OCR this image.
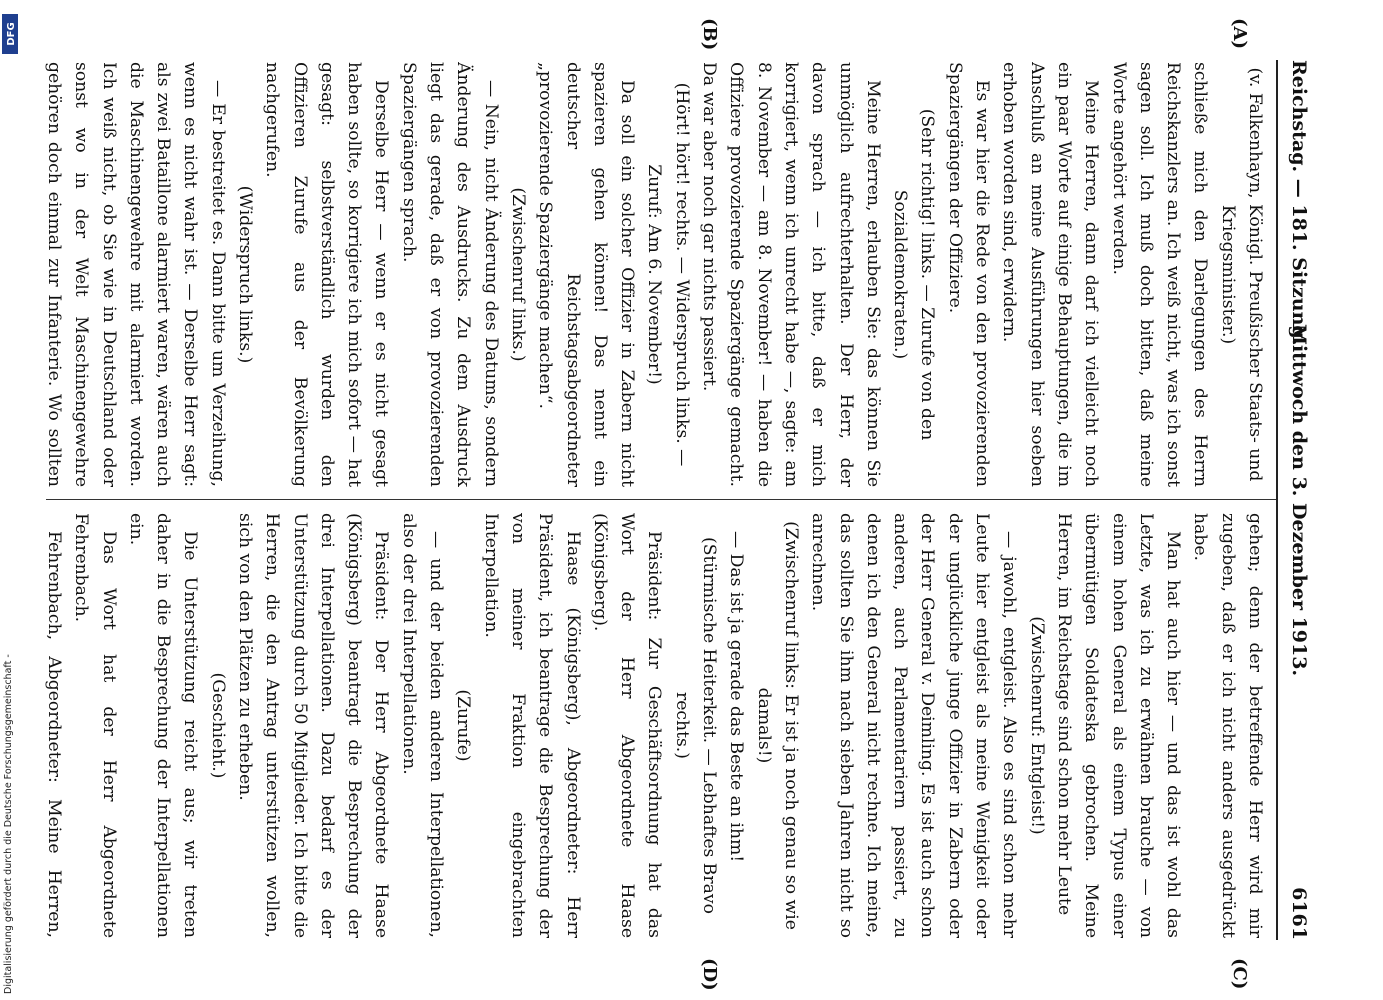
Reichstag. — 181. Sitzung.
Mittwoch den 3. Dezember 1913.
6161
(A)
(B)
(C)
(D)

(v. Falkenhayn, Königl. Preußischer Staats- und Kriegsminister.)

schließe mich den Darlegungen des Herrn Reichskanzlers an. Ich weiß nicht, was ich sonst sagen soll. Ich muß doch bitten, daß meine Worte angehört werden.

Meine Herren, dann darf ich vielleicht noch ein paar Worte auf einige Behauptungen, die im Anschluß an meine Ausführungen hier soeben erhoben worden sind, erwidern.

Es war hier die Rede von den provozierenden Spaziergängen der Offiziere.

(Sehr richtig! links. — Zurufe von den Sozialdemokraten.)

Meine Herren, erlauben Sie: das können Sie unmöglich aufrechterhalten. Der Herr, der davon sprach — ich bitte, daß er mich korrigiert, wenn ich unrecht habe —, sagte: am 8. November — am 8. November! — haben die Offiziere provozierende Spaziergänge gemacht. Da war aber noch gar nichts passiert.

(Hört! hört! rechts. — Widerspruch links. — Zuruf: Am 6. November!)

Da soll ein solcher Offizier in Zabern nicht spazieren gehen können! Das nennt ein deutscher Reichstagsabgeordneter „provozierende Spaziergänge machen“.

(Zwischenruf links.)

— Nein, nicht Änderung des Datums, sondern Änderung des Ausdrucks. Zu dem Ausdruck liegt das gerade, daß er von provozierenden Spaziergängen sprach.

Derselbe Herr — wenn er es nicht gesagt haben sollte, so korrigiere ich mich sofort — hat gesagt: selbstverständlich wurden den Offizieren Zurufe aus der Bevölkerung nachgerufen.

(Widerspruch links.)

— Er bestreitet es. Dann bitte um Verzeihung, wenn es nicht wahr ist. — Derselbe Herr sagt: als zwei Bataillone alarmiert waren, wären auch die Maschinengewehre mit alarmiert worden. Ich weiß nicht, ob Sie wie in Deutschland oder sonst wo in der Welt Maschinengewehre gehören doch einmal zur Infanterie. Wo sollten

gehen; denn der betreffende Herr wird mir zugeben, daß er ich nicht anders ausgedrückt habe.

Man hat auch hier — und das ist wohl das Letzte, was ich zu erwähnen brauche — von einem hohen General als einem Typus einer übermütigen Soldateska gebrochen. Meine Herren, im Reichstage sind schon mehr Leute

(Zwischenruf: Entgleist!)

— jawohl, entgleist. Also es sind schon mehr Leute hier entgleist als meine Wenigkeit oder der unglückliche junge Offizier in Zabern oder der Herr General v. Deimling. Es ist auch schon anderen, auch Parlamentariern passiert, zu denen ich den General nicht rechne. Ich meine, das sollten Sie ihm nach sieben Jahren nicht so anrechnen.

(Zwischenruf links: Er ist ja noch genau so wie damals!)

— Das ist ja gerade das Beste an ihm!

(Stürmische Heiterkeit. — Lebhaftes Bravo rechts.)

Präsident: Zur Geschäftsordnung hat das Wort der Herr Abgeordnete Haase (Königsberg).

Haase (Königsberg), Abgeordneter: Herr Präsident, ich beantrage die Besprechung der von meiner Fraktion eingebrachten Interpellation.

(Zurufe)

— und der beiden anderen Interpellationen, also der drei Interpellationen.

Präsident: Der Herr Abgeordnete Haase (Königsberg) beantragt die Besprechung der drei Interpellationen. Dazu bedarf es der Unterstützung durch 50 Mitglieder. Ich bitte die Herren, die den Antrag unterstützen wollen, sich von den Plätzen zu erheben.

(Geschieht.)

Die Unterstützung reicht aus; wir treten daher in die Besprechung der Interpellationen ein.

Das Wort hat der Herr Abgeordnete Fehrenbach.

Fehrenbach, Abgeordneter: Meine Herren,

Digitalisierung gefördert durch die Deutsche Forschungsgemeinschaft -
DFG
